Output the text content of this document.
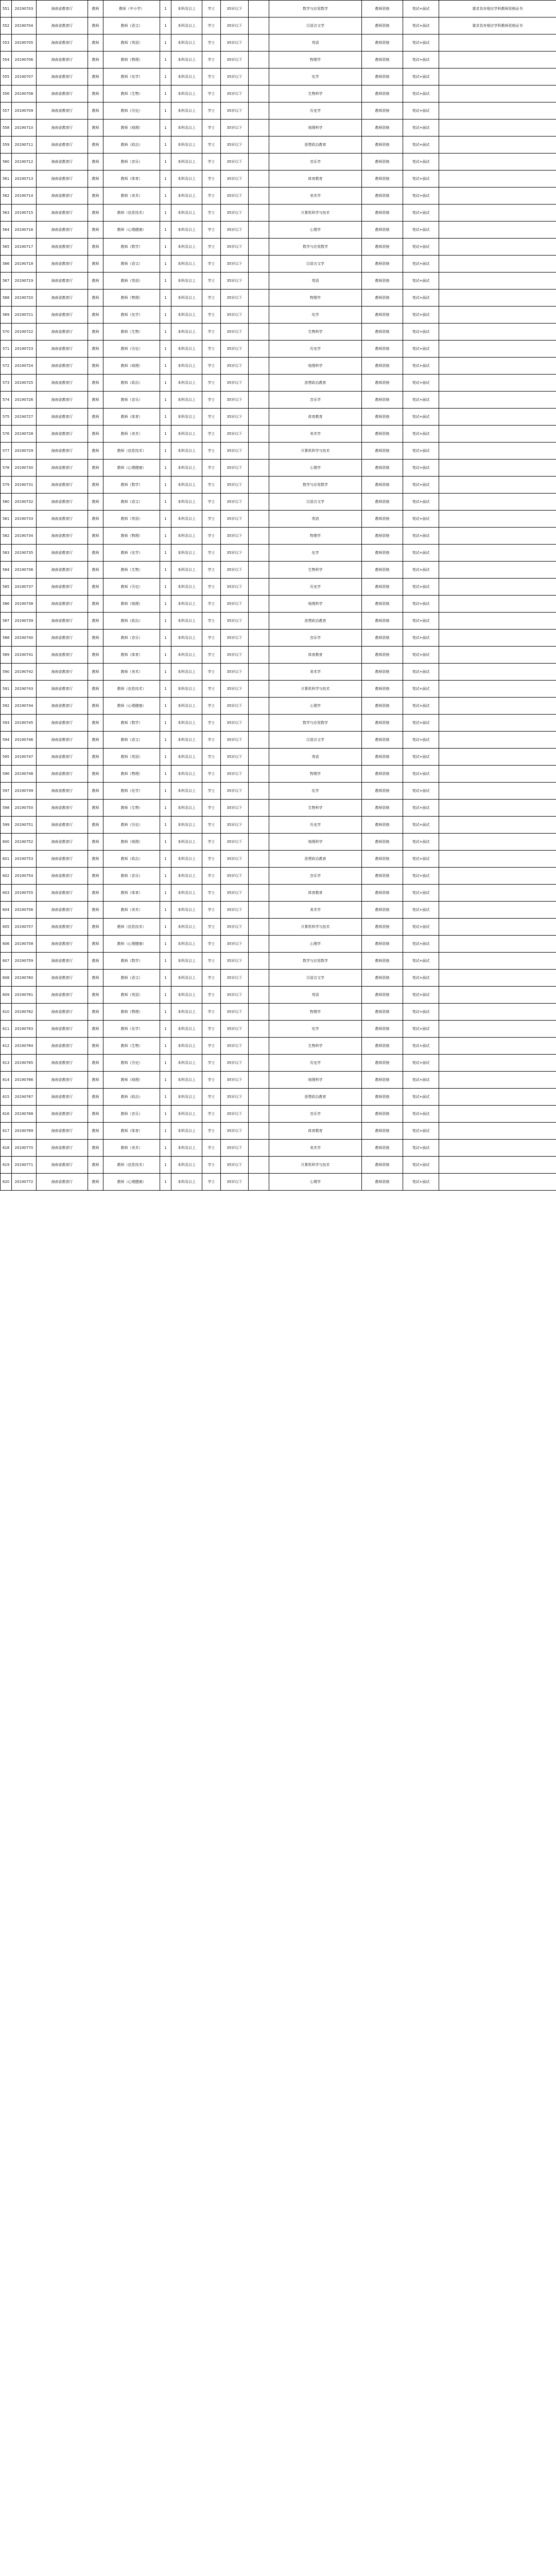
551	20190703	海南省教育厅	教师	教师（中小学）	1	本科及以上	学士	35岁以下		数学与应用数学	教师资格	笔试+面试	要求具有相应学科教师资格证书
552	20190704	海南省教育厅	教师	教师（语文）	1	本科及以上	学士	35岁以下		汉语言文学	教师资格	笔试+面试	要求具有相应学科教师资格证书
553	20190705	海南省教育厅	教师	教师（英语）	1	本科及以上	学士	35岁以下		英语	教师资格	笔试+面试	
554	20190706	海南省教育厅	教师	教师（物理）	1	本科及以上	学士	35岁以下		物理学	教师资格	笔试+面试	
555	20190707	海南省教育厅	教师	教师（化学）	1	本科及以上	学士	35岁以下		化学	教师资格	笔试+面试	
556	20190708	海南省教育厅	教师	教师（生物）	1	本科及以上	学士	35岁以下		生物科学	教师资格	笔试+面试	
557	20190709	海南省教育厅	教师	教师（历史）	1	本科及以上	学士	35岁以下		历史学	教师资格	笔试+面试	
558	20190710	海南省教育厅	教师	教师（地理）	1	本科及以上	学士	35岁以下		地理科学	教师资格	笔试+面试	
559	20190711	海南省教育厅	教师	教师（政治）	1	本科及以上	学士	35岁以下		思想政治教育	教师资格	笔试+面试	
560	20190712	海南省教育厅	教师	教师（音乐）	1	本科及以上	学士	35岁以下		音乐学	教师资格	笔试+面试	
561	20190713	海南省教育厅	教师	教师（体育）	1	本科及以上	学士	35岁以下		体育教育	教师资格	笔试+面试	
562	20190714	海南省教育厅	教师	教师（美术）	1	本科及以上	学士	35岁以下		美术学	教师资格	笔试+面试	
563	20190715	海南省教育厅	教师	教师（信息技术）	1	本科及以上	学士	35岁以下		计算机科学与技术	教师资格	笔试+面试	
564	20190716	海南省教育厅	教师	教师（心理健康）	1	本科及以上	学士	35岁以下		心理学	教师资格	笔试+面试	
565	20190717	海南省教育厅	教师	教师（数学）	1	本科及以上	学士	35岁以下		数学与应用数学	教师资格	笔试+面试	
566	20190718	海南省教育厅	教师	教师（语文）	1	本科及以上	学士	35岁以下		汉语言文学	教师资格	笔试+面试	
567	20190719	海南省教育厅	教师	教师（英语）	1	本科及以上	学士	35岁以下		英语	教师资格	笔试+面试	
568	20190720	海南省教育厅	教师	教师（物理）	1	本科及以上	学士	35岁以下		物理学	教师资格	笔试+面试	
569	20190721	海南省教育厅	教师	教师（化学）	1	本科及以上	学士	35岁以下		化学	教师资格	笔试+面试	
570	20190722	海南省教育厅	教师	教师（生物）	1	本科及以上	学士	35岁以下		生物科学	教师资格	笔试+面试	
571	20190723	海南省教育厅	教师	教师（历史）	1	本科及以上	学士	35岁以下		历史学	教师资格	笔试+面试	
572	20190724	海南省教育厅	教师	教师（地理）	1	本科及以上	学士	35岁以下		地理科学	教师资格	笔试+面试	
573	20190725	海南省教育厅	教师	教师（政治）	1	本科及以上	学士	35岁以下		思想政治教育	教师资格	笔试+面试	
574	20190726	海南省教育厅	教师	教师（音乐）	1	本科及以上	学士	35岁以下		音乐学	教师资格	笔试+面试	
575	20190727	海南省教育厅	教师	教师（体育）	1	本科及以上	学士	35岁以下		体育教育	教师资格	笔试+面试	
576	20190728	海南省教育厅	教师	教师（美术）	1	本科及以上	学士	35岁以下		美术学	教师资格	笔试+面试	
577	20190729	海南省教育厅	教师	教师（信息技术）	1	本科及以上	学士	35岁以下		计算机科学与技术	教师资格	笔试+面试	
578	20190730	海南省教育厅	教师	教师（心理健康）	1	本科及以上	学士	35岁以下		心理学	教师资格	笔试+面试	
579	20190731	海南省教育厅	教师	教师（数学）	1	本科及以上	学士	35岁以下		数学与应用数学	教师资格	笔试+面试	
580	20190732	海南省教育厅	教师	教师（语文）	1	本科及以上	学士	35岁以下		汉语言文学	教师资格	笔试+面试	
581	20190733	海南省教育厅	教师	教师（英语）	1	本科及以上	学士	35岁以下		英语	教师资格	笔试+面试	
582	20190734	海南省教育厅	教师	教师（物理）	1	本科及以上	学士	35岁以下		物理学	教师资格	笔试+面试	
583	20190735	海南省教育厅	教师	教师（化学）	1	本科及以上	学士	35岁以下		化学	教师资格	笔试+面试	
584	20190736	海南省教育厅	教师	教师（生物）	1	本科及以上	学士	35岁以下		生物科学	教师资格	笔试+面试	
585	20190737	海南省教育厅	教师	教师（历史）	1	本科及以上	学士	35岁以下		历史学	教师资格	笔试+面试	
586	20190738	海南省教育厅	教师	教师（地理）	1	本科及以上	学士	35岁以下		地理科学	教师资格	笔试+面试	
587	20190739	海南省教育厅	教师	教师（政治）	1	本科及以上	学士	35岁以下		思想政治教育	教师资格	笔试+面试	
588	20190740	海南省教育厅	教师	教师（音乐）	1	本科及以上	学士	35岁以下		音乐学	教师资格	笔试+面试	
589	20190741	海南省教育厅	教师	教师（体育）	1	本科及以上	学士	35岁以下		体育教育	教师资格	笔试+面试	
590	20190742	海南省教育厅	教师	教师（美术）	1	本科及以上	学士	35岁以下		美术学	教师资格	笔试+面试	
591	20190743	海南省教育厅	教师	教师（信息技术）	1	本科及以上	学士	35岁以下		计算机科学与技术	教师资格	笔试+面试	
592	20190744	海南省教育厅	教师	教师（心理健康）	1	本科及以上	学士	35岁以下		心理学	教师资格	笔试+面试	
593	20190745	海南省教育厅	教师	教师（数学）	1	本科及以上	学士	35岁以下		数学与应用数学	教师资格	笔试+面试	
594	20190746	海南省教育厅	教师	教师（语文）	1	本科及以上	学士	35岁以下		汉语言文学	教师资格	笔试+面试	
595	20190747	海南省教育厅	教师	教师（英语）	1	本科及以上	学士	35岁以下		英语	教师资格	笔试+面试	
596	20190748	海南省教育厅	教师	教师（物理）	1	本科及以上	学士	35岁以下		物理学	教师资格	笔试+面试	
597	20190749	海南省教育厅	教师	教师（化学）	1	本科及以上	学士	35岁以下		化学	教师资格	笔试+面试	
598	20190750	海南省教育厅	教师	教师（生物）	1	本科及以上	学士	35岁以下		生物科学	教师资格	笔试+面试	
599	20190751	海南省教育厅	教师	教师（历史）	1	本科及以上	学士	35岁以下		历史学	教师资格	笔试+面试	
600	20190752	海南省教育厅	教师	教师（地理）	1	本科及以上	学士	35岁以下		地理科学	教师资格	笔试+面试	
601	20190753	海南省教育厅	教师	教师（政治）	1	本科及以上	学士	35岁以下		思想政治教育	教师资格	笔试+面试	
602	20190754	海南省教育厅	教师	教师（音乐）	1	本科及以上	学士	35岁以下		音乐学	教师资格	笔试+面试	
603	20190755	海南省教育厅	教师	教师（体育）	1	本科及以上	学士	35岁以下		体育教育	教师资格	笔试+面试	
604	20190756	海南省教育厅	教师	教师（美术）	1	本科及以上	学士	35岁以下		美术学	教师资格	笔试+面试	
605	20190757	海南省教育厅	教师	教师（信息技术）	1	本科及以上	学士	35岁以下		计算机科学与技术	教师资格	笔试+面试	
606	20190758	海南省教育厅	教师	教师（心理健康）	1	本科及以上	学士	35岁以下		心理学	教师资格	笔试+面试	
607	20190759	海南省教育厅	教师	教师（数学）	1	本科及以上	学士	35岁以下		数学与应用数学	教师资格	笔试+面试	
608	20190760	海南省教育厅	教师	教师（语文）	1	本科及以上	学士	35岁以下		汉语言文学	教师资格	笔试+面试	
609	20190761	海南省教育厅	教师	教师（英语）	1	本科及以上	学士	35岁以下		英语	教师资格	笔试+面试	
610	20190762	海南省教育厅	教师	教师（物理）	1	本科及以上	学士	35岁以下		物理学	教师资格	笔试+面试	
611	20190763	海南省教育厅	教师	教师（化学）	1	本科及以上	学士	35岁以下		化学	教师资格	笔试+面试	
612	20190764	海南省教育厅	教师	教师（生物）	1	本科及以上	学士	35岁以下		生物科学	教师资格	笔试+面试	
613	20190765	海南省教育厅	教师	教师（历史）	1	本科及以上	学士	35岁以下		历史学	教师资格	笔试+面试	
614	20190766	海南省教育厅	教师	教师（地理）	1	本科及以上	学士	35岁以下		地理科学	教师资格	笔试+面试	
615	20190767	海南省教育厅	教师	教师（政治）	1	本科及以上	学士	35岁以下		思想政治教育	教师资格	笔试+面试	
616	20190768	海南省教育厅	教师	教师（音乐）	1	本科及以上	学士	35岁以下		音乐学	教师资格	笔试+面试	
617	20190769	海南省教育厅	教师	教师（体育）	1	本科及以上	学士	35岁以下		体育教育	教师资格	笔试+面试	
618	20190770	海南省教育厅	教师	教师（美术）	1	本科及以上	学士	35岁以下		美术学	教师资格	笔试+面试	
619	20190771	海南省教育厅	教师	教师（信息技术）	1	本科及以上	学士	35岁以下		计算机科学与技术	教师资格	笔试+面试	
620	20190772	海南省教育厅	教师	教师（心理健康）	1	本科及以上	学士	35岁以下		心理学	教师资格	笔试+面试	
